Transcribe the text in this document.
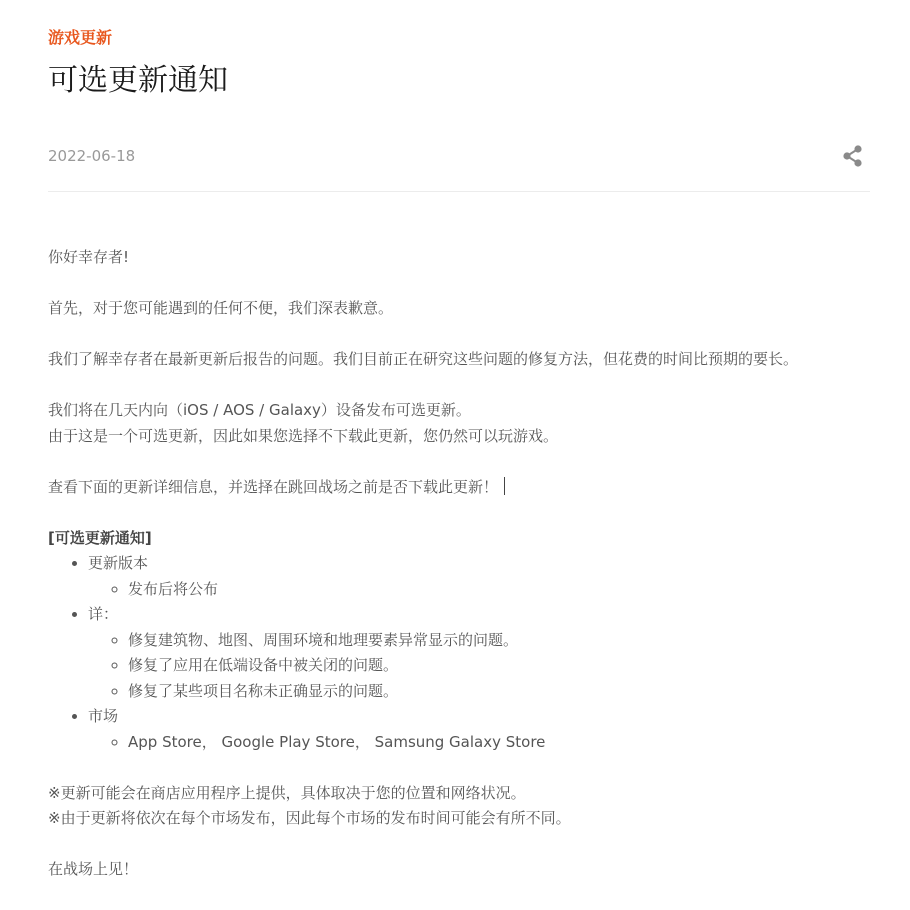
游戏更新
可选更新通知
2022-06-18

你好幸存者!

首先，对于您可能遇到的任何不便，我们深表歉意。

我们了解幸存者在最新更新后报告的问题。我们目前正在研究这些问题的修复方法，但花费的时间比预期的要长。

我们将在几天内向（iOS / AOS / Galaxy）设备发布可选更新。

由于这是一个可选更新，因此如果您选择不下载此更新，您仍然可以玩游戏。

查看下面的更新详细信息，并选择在跳回战场之前是否下载此更新！

[可选更新通知]

• 更新版本
◦ 发布后将公布
• 详：
◦ 修复建筑物、地图、周围环境和地理要素异常显示的问题。
◦ 修复了应用在低端设备中被关闭的问题。
◦ 修复了某些项目名称未正确显示的问题。
• 市场
◦ App Store， Google Play Store， Samsung Galaxy Store

※更新可能会在商店应用程序上提供，具体取决于您的位置和网络状况。

※由于更新将依次在每个市场发布，因此每个市场的发布时间可能会有所不同。

在战场上见！
